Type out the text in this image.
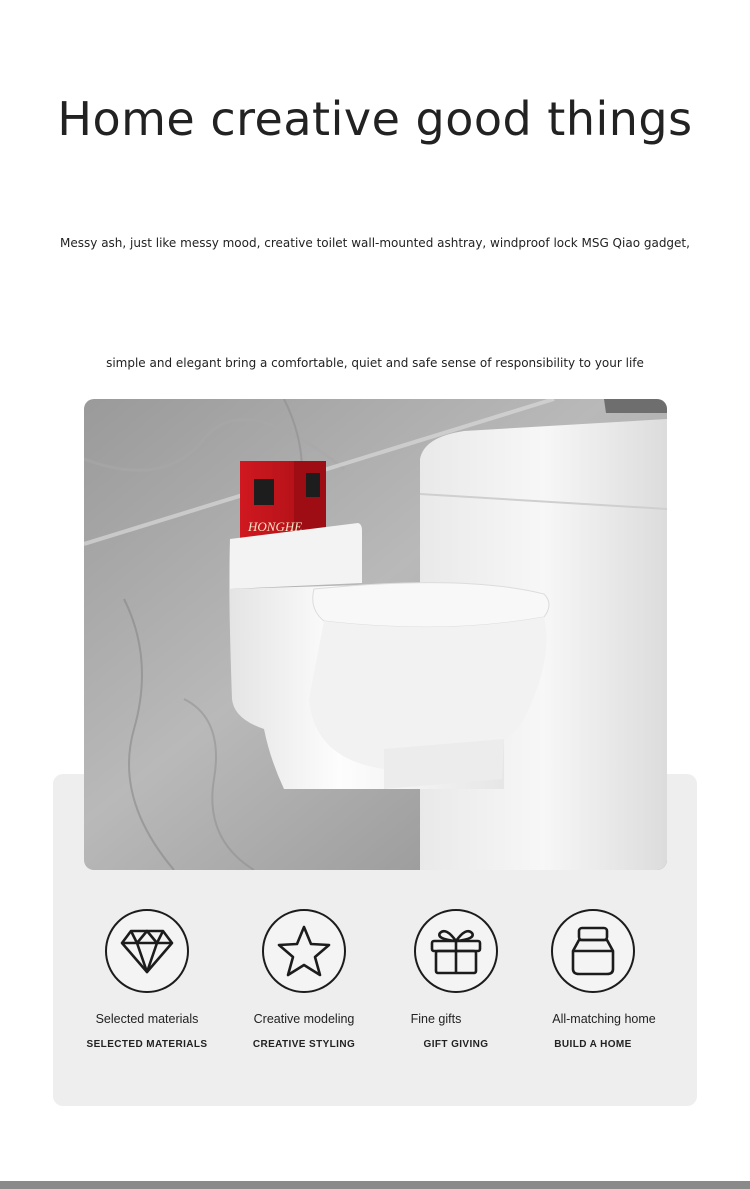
Home creative good things
Messy ash, just like messy mood, creative toilet wall-mounted ashtray, windproof lock MSG Qiao gadget,
simple and elegant bring a comfortable, quiet and safe sense of responsibility to your life
HONGHE
Selected materials
SELECTED MATERIALS
Creative modeling
CREATIVE STYLING
Fine gifts
GIFT GIVING
All-matching home
BUILD A HOME
